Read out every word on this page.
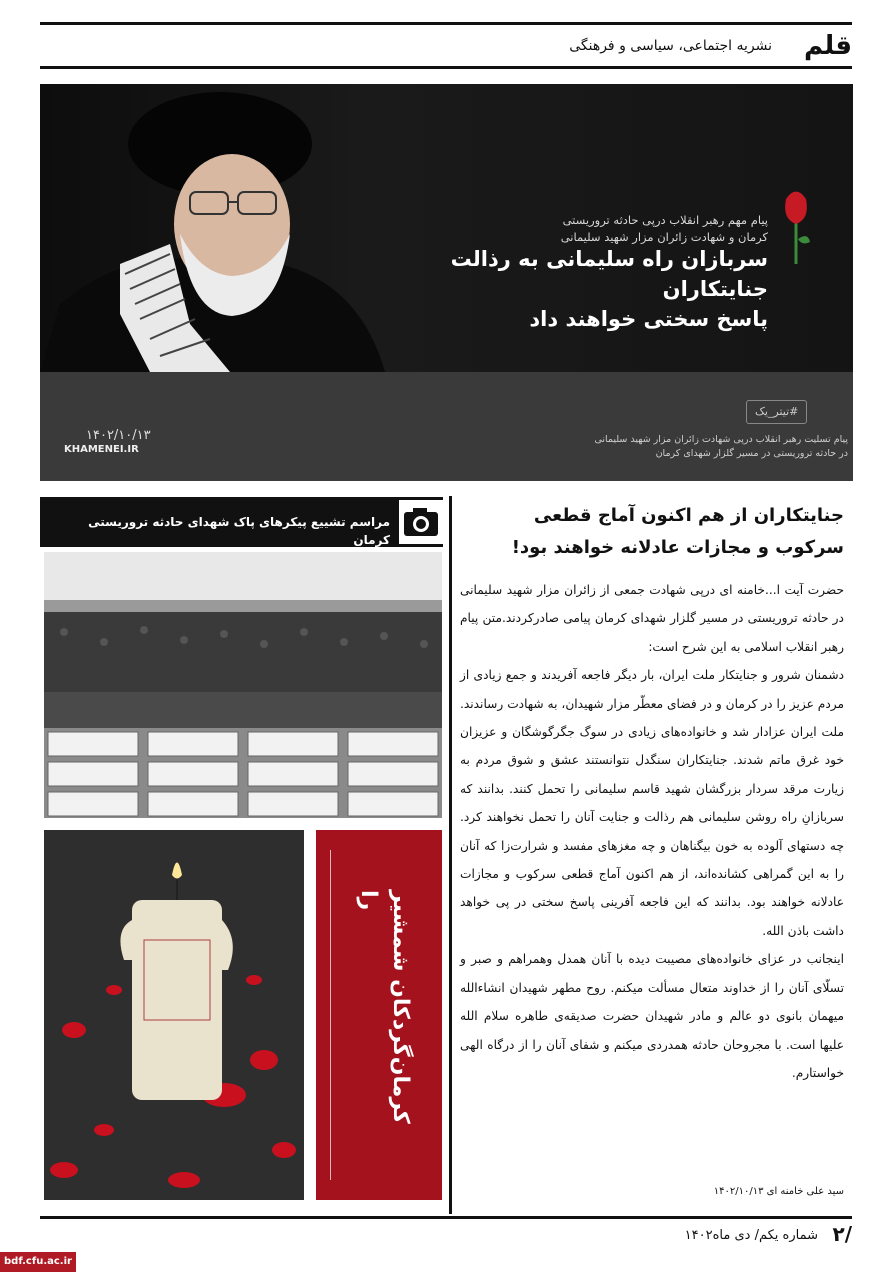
قلم
نشریه اجتماعی، سیاسی و فرهنگی
پیام مهم رهبر انقلاب درپی حادثه تروریستی
کرمان و شهادت زائران مزار شهید سلیمانی
سربازان راه سلیمانی به رذالت جنایتکاران
پاسخ سختی خواهند داد
#تیتر_یک
پیام تسلیت رهبر انقلاب درپی شهادت زائران مزار شهید سلیمانی
در حادثه تروریستی در مسیر گلزار شهدای کرمان
۱۴۰۲/۱۰/۱۳
KHAMENEI.IR
مراسم تشییع پیکرهای پاک شهدای حادثه تروریستی کرمان
کرمان‌گردکان شمشیر را
جنایتکاران از هم اکنون آماج قطعی
سرکوب و مجازات عادلانه خواهند بود!

حضرت آیت ا...خامنه ای درپی شهادت جمعی از زائران مزار شهید سلیمانی در حادثه تروریستی در مسیر گلزار شهدای کرمان پیامی صادرکردند.متن پیام رهبر انقلاب اسلامی به این شرح است:

دشمنان شرور و جنایتکار ملت ایران، بار دیگر فاجعه آفریدند و جمع زیادی از مردم عزیز را در کرمان و در فضای معطّر مزار شهیدان، به شهادت رساندند. ملت ایران عزادار شد و خانواده‌های زیادی در سوگ جگرگوشگان و عزیزان خود غرق ماتم شدند. جنایتکاران سنگدل نتوانستند عشق و شوق مردم به زیارت مرقد سردار بزرگشان شهید قاسم سلیمانی را تحمل کنند. بدانند که سربازانِ راه روشن سلیمانی هم رذالت و جنایت آنان را تحمل نخواهند کرد. چه دستهای آلوده به خون بیگناهان و چه مغزهای مفسد و شرارت‌زا که آنان را به این گمراهی کشانده‌اند، از هم اکنون آماج قطعی سرکوب و مجازات عادلانه خواهند بود. بدانند که این فاجعه آفرینی پاسخ سختی در پی خواهد داشت باذن الله.

اینجانب در عزای خانواده‌های مصیبت دیده با آنان همدل وهمراهم و صبر و تسلّای آنان را از خداوند متعال مسألت میکنم. روح مطهر شهیدان انشاءالله میهمان بانوی دو عالم و مادر شهیدان حضرت صدیقه‌ی طاهره سلام الله علیها است. با مجروحان حادثه همدردی میکنم و شفای آنان را از درگاه الهی خواستارم.

سید علی خامنه ای ۱۴۰۲/۱۰/۱۳
۲/
شماره یکم/ دی ماه۱۴۰۲
bdf.cfu.ac.ir
